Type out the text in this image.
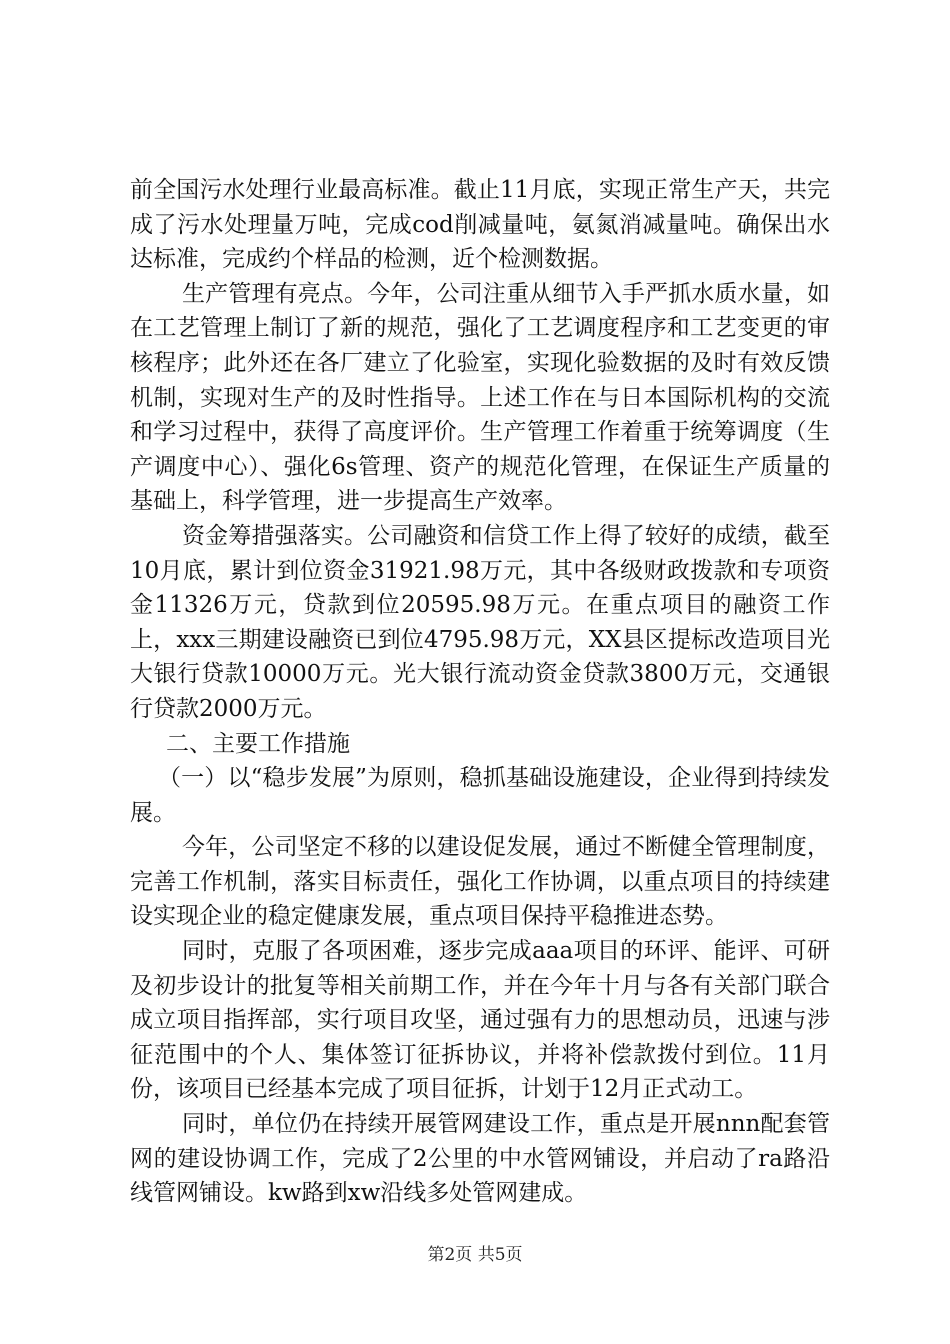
前全国污水处理行业最高标准。截止11月底，实现正常生产天，共完成了污水处理量万吨，完成cod削减量吨，氨氮消减量吨。确保出水达标准，完成约个样品的检测，近个检测数据。

生产管理有亮点。今年，公司注重从细节入手严抓水质水量，如在工艺管理上制订了新的规范，强化了工艺调度程序和工艺变更的审核程序；此外还在各厂建立了化验室，实现化验数据的及时有效反馈机制，实现对生产的及时性指导。上述工作在与日本国际机构的交流和学习过程中，获得了高度评价。生产管理工作着重于统筹调度（生产调度中心）、强化6s管理、资产的规范化管理，在保证生产质量的基础上，科学管理，进一步提高生产效率。

资金筹措强落实。公司融资和信贷工作上得了较好的成绩，截至10月底，累计到位资金31921.98万元，其中各级财政拨款和专项资金11326万元，贷款到位20595.98万元。在重点项目的融资工作上，xxx三期建设融资已到位4795.98万元，XX县区提标改造项目光大银行贷款10000万元。光大银行流动资金贷款3800万元，交通银行贷款2000万元。

二、主要工作措施

（一）以“稳步发展”为原则，稳抓基础设施建设，企业得到持续发展。

今年，公司坚定不移的以建设促发展，通过不断健全管理制度，完善工作机制，落实目标责任，强化工作协调，以重点项目的持续建设实现企业的稳定健康发展，重点项目保持平稳推进态势。

同时，克服了各项困难，逐步完成aaa项目的环评、能评、可研及初步设计的批复等相关前期工作，并在今年十月与各有关部门联合成立项目指挥部，实行项目攻坚，通过强有力的思想动员，迅速与涉征范围中的个人、集体签订征拆协议，并将补偿款拨付到位。11月份，该项目已经基本完成了项目征拆，计划于12月正式动工。

同时，单位仍在持续开展管网建设工作，重点是开展nnn配套管网的建设协调工作，完成了2公里的中水管网铺设，并启动了ra路沿线管网铺设。kw路到xw沿线多处管网建成。

第2页 共5页
